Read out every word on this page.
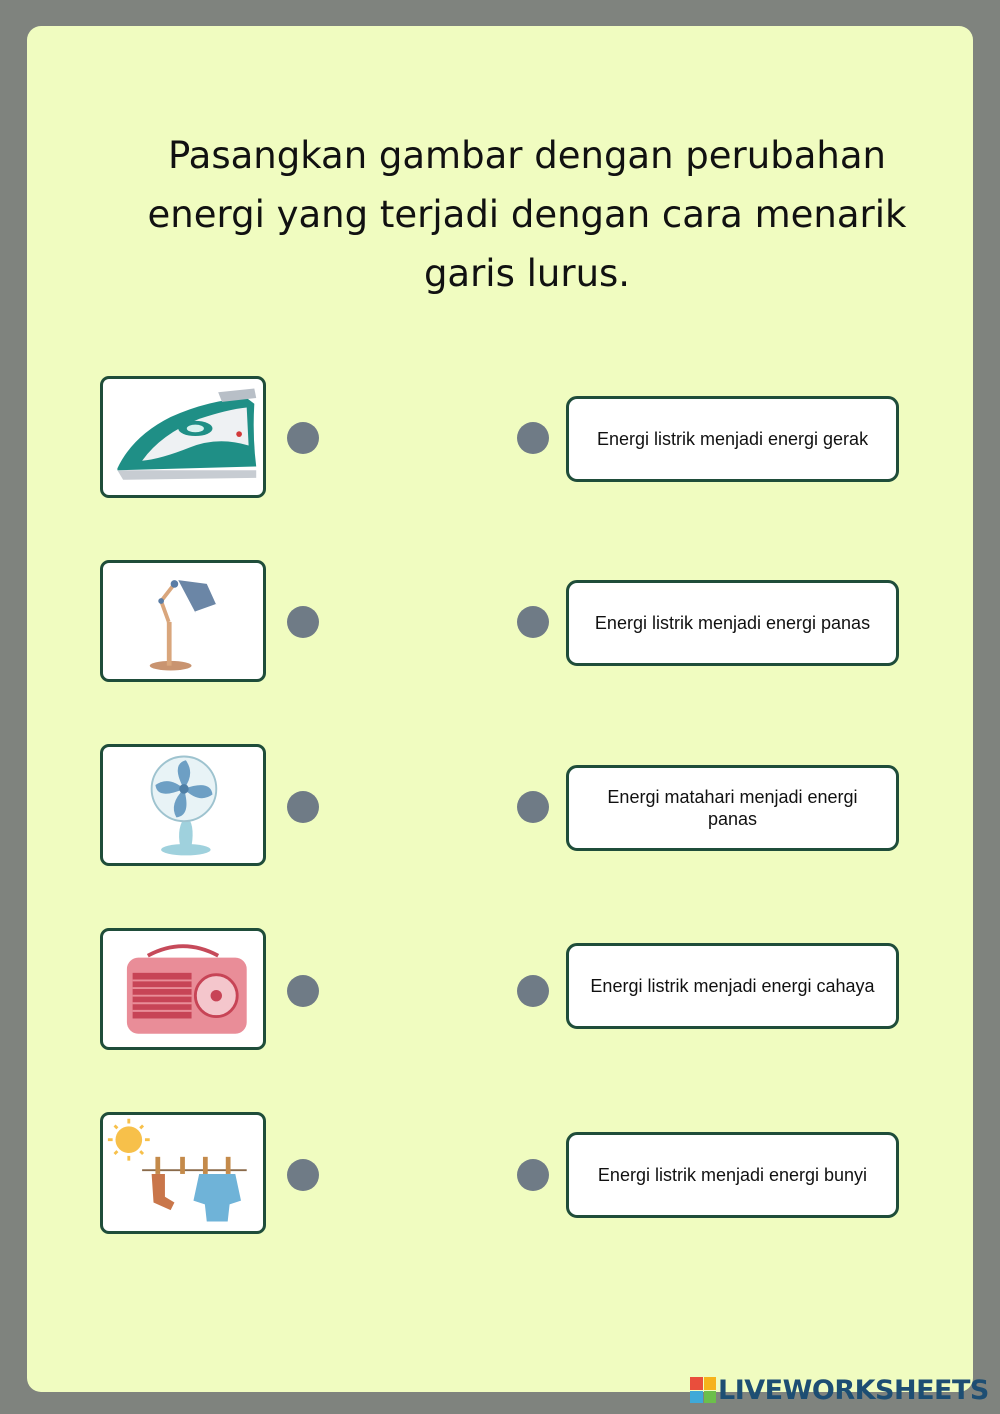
Pasangkan gambar dengan perubahan energi yang terjadi dengan cara menarik garis lurus.
Energi listrik menjadi energi gerak
Energi listrik menjadi energi panas
Energi matahari menjadi energi panas
Energi listrik menjadi energi cahaya
Energi listrik menjadi energi bunyi
LIVEWORKSHEETS
